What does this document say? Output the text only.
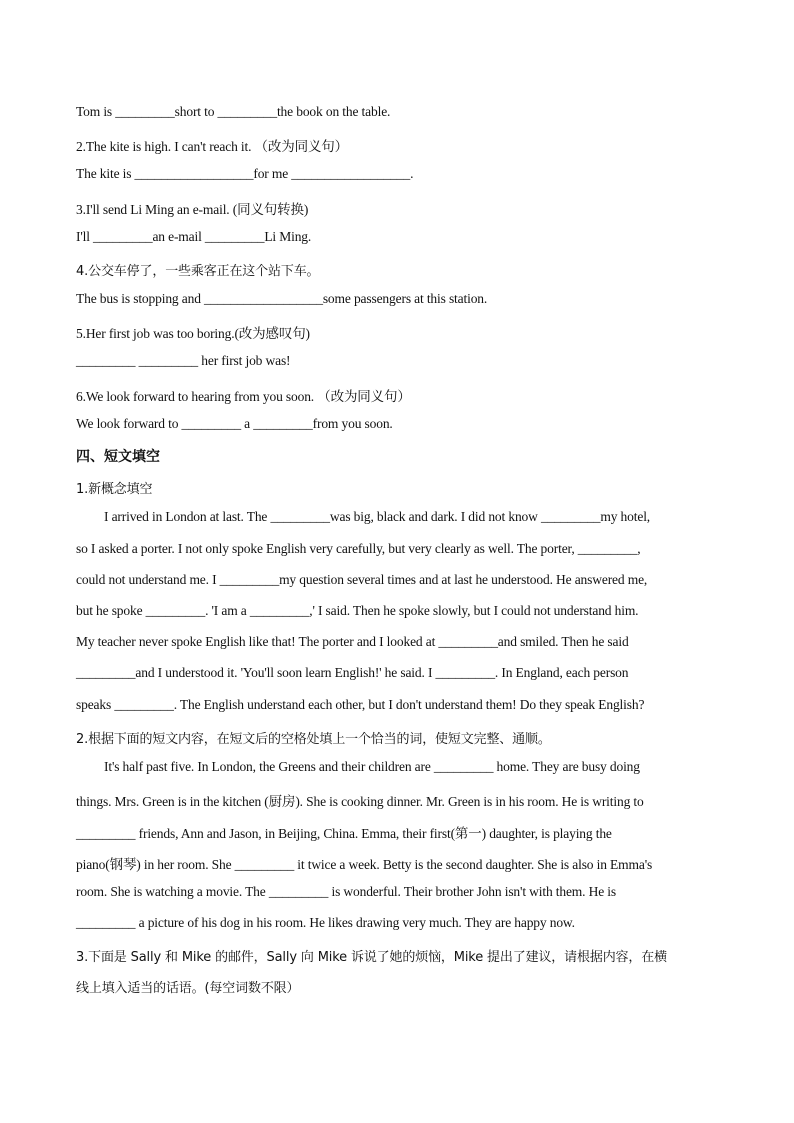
Tom is _________short to _________the book on the table.
2.The kite is high. I can't reach it. （改为同义句）
The kite is __________________for me __________________.
3.I'll send Li Ming an e-mail. (同义句转换)
I'll _________an e-mail _________Li Ming.
4.公交车停了，一些乘客正在这个站下车。
The bus is stopping and __________________some passengers at this station.
5.Her first job was too boring.(改为感叹句)
_________ _________ her first job was!
6.We look forward to hearing from you soon. （改为同义句）
We look forward to _________ a _________from you soon.
四、短文填空
1.新概念填空
I arrived in London at last. The _________was big, black and dark. I did not know _________my hotel,
so I asked a porter. I not only spoke English very carefully, but very clearly as well. The porter, _________,
could not understand me. I _________my question several times and at last he understood. He answered me,
but he spoke _________. 'I am a _________,' I said. Then he spoke slowly, but I could not understand him.
My teacher never spoke English like that! The porter and I looked at _________and smiled. Then he said
_________and I understood it. 'You'll soon learn English!' he said. I _________. In England, each person
speaks _________. The English understand each other, but I don't understand them! Do they speak English?
2.根据下面的短文内容，在短文后的空格处填上一个恰当的词，使短文完整、通顺。
It's half past five. In London, the Greens and their children are _________ home. They are busy doing
things. Mrs. Green is in the kitchen (厨房). She is cooking dinner. Mr. Green is in his room. He is writing to
_________ friends, Ann and Jason, in Beijing, China. Emma, their first(第一) daughter, is playing the
piano(钢琴) in her room. She _________ it twice a week. Betty is the second daughter. She is also in Emma's
room. She is watching a movie. The _________ is wonderful. Their brother John isn't with them. He is
_________ a picture of his dog in his room. He likes drawing very much. They are happy now.
3.下面是 Sally 和 Mike 的邮件，Sally 向 Mike 诉说了她的烦恼，Mike 提出了建议，请根据内容，在横
线上填入适当的话语。(每空词数不限）
